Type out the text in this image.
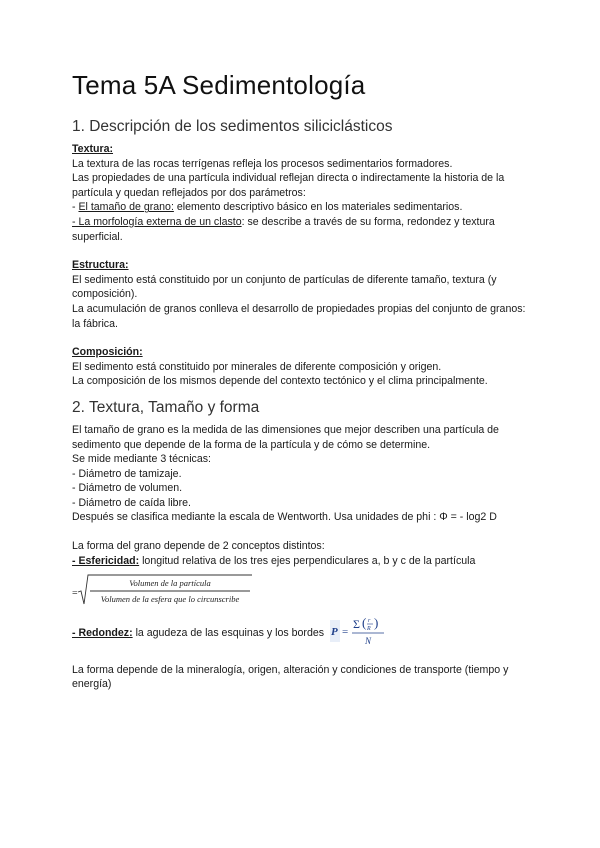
Tema 5A Sedimentología
1. Descripción de los sedimentos siliciclásticos

Textura:

La textura de las rocas terrígenas refleja los procesos sedimentarios formadores.

Las propiedades de una partícula individual reflejan directa o indirectamente la historia de la partícula y quedan reflejados por dos parámetros:

- El tamaño de grano: elemento descriptivo básico en los materiales sedimentarios.

- La morfología externa de un clasto: se describe a través de su forma, redondez y textura superficial.

Estructura:

El sedimento está constituido por un conjunto de partículas de diferente tamaño, textura (y composición).

La acumulación de granos conlleva el desarrollo de propiedades propias del conjunto de granos: la fábrica.

Composición:

El sedimento está constituido por minerales de diferente composición y origen.

La composición de los mismos depende del contexto tectónico y el clima principalmente.

2. Textura, Tamaño y forma

El tamaño de grano es la medida de las dimensiones que mejor describen una partícula de sedimento que depende de la forma de la partícula y de cómo se determine.

Se mide mediante 3 técnicas:

- Diámetro de tamizaje.

- Diámetro de volumen.

- Diámetro de caída libre.

Después se clasifica mediante la escala de Wentworth. Usa unidades de phi : Φ = - log2 D

La forma del grano depende de 2 conceptos distintos:

- Esfericidad: longitud relativa de los tres ejes perpendiculares a, b y c de la partícula

=
Volumen de la partícula
Volumen de la esfera que lo circunscribe

- Redondez: la agudeza de las esquinas y los bordes P =
Σ ( r
R )
N

La forma depende de la mineralogía, origen, alteración y condiciones de transporte (tiempo y energía)
